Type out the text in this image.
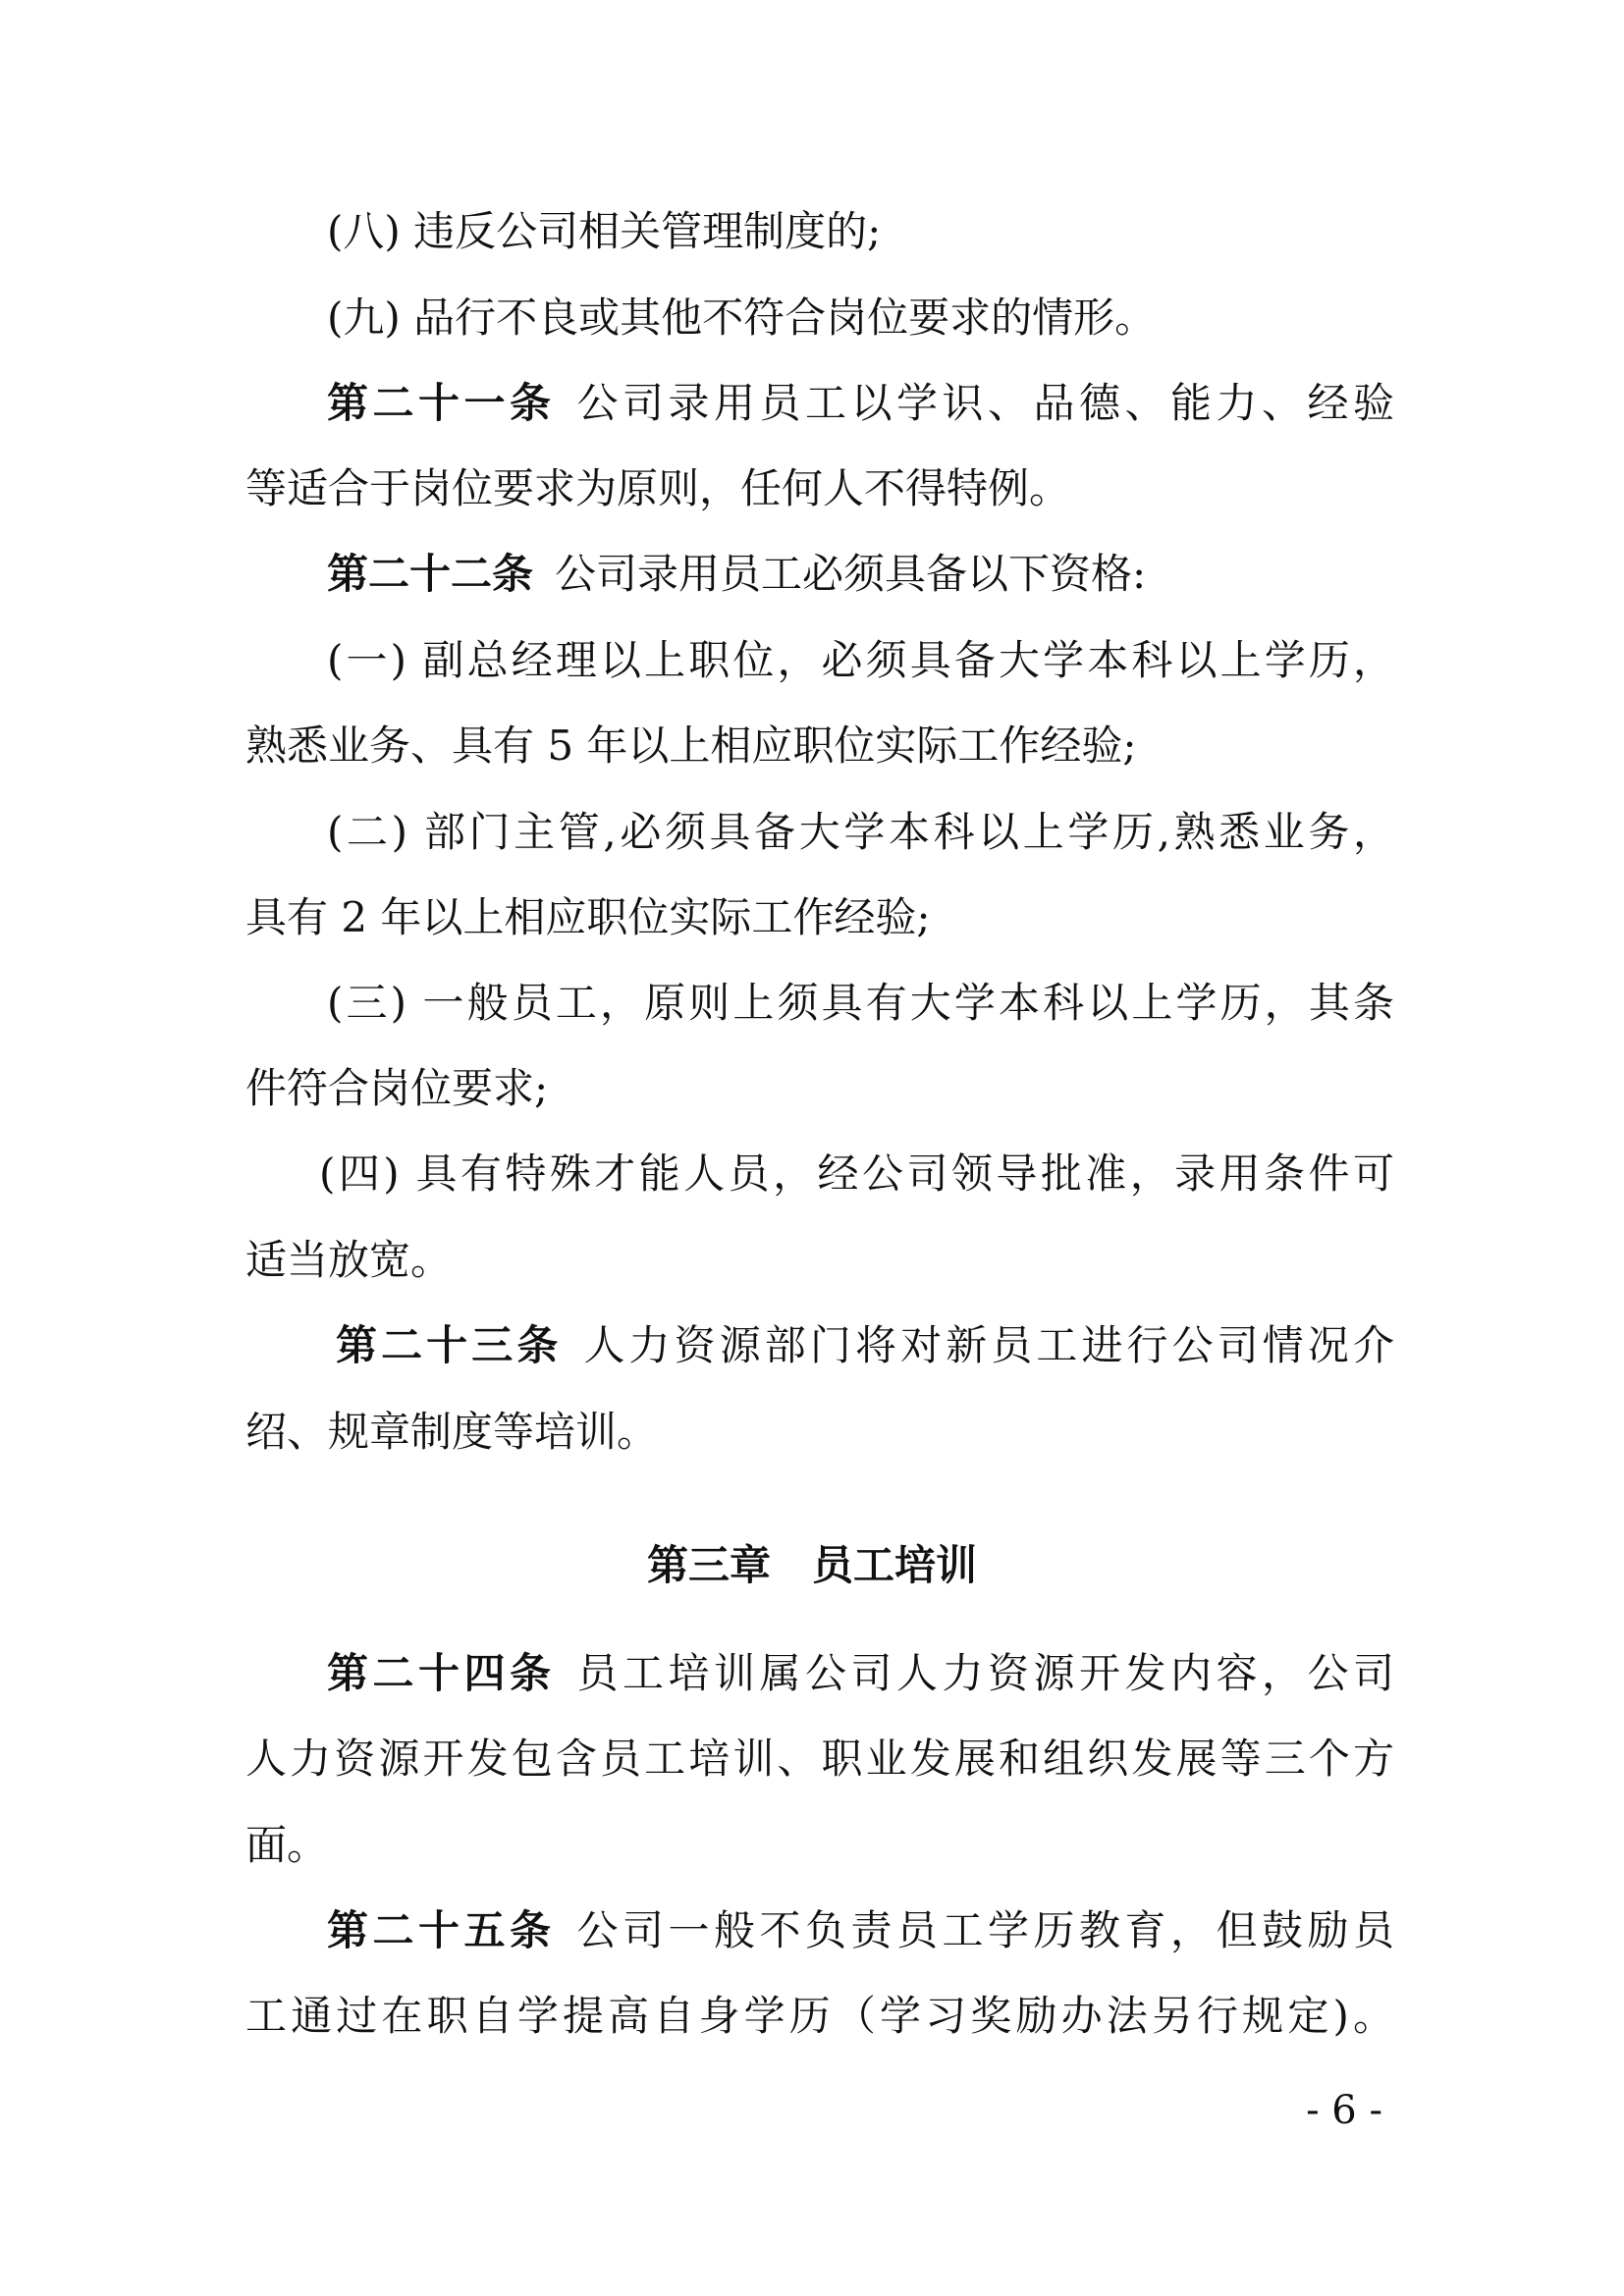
(八) 违反公司相关管理制度的;
(九) 品行不良或其他不符合岗位要求的情形。
第二十一条 公司录用员工以学识、品德、能力、经验
等适合于岗位要求为原则，任何人不得特例。
第二十二条 公司录用员工必须具备以下资格:
(一) 副总经理以上职位，必须具备大学本科以上学历，
熟悉业务、具有 5 年以上相应职位实际工作经验;
(二) 部门主管,必须具备大学本科以上学历,熟悉业务，
具有 2 年以上相应职位实际工作经验;
(三) 一般员工，原则上须具有大学本科以上学历，其条
件符合岗位要求;
(四) 具有特殊才能人员，经公司领导批准，录用条件可
适当放宽。
第二十三条 人力资源部门将对新员工进行公司情况介
绍、规章制度等培训。
第三章　员工培训
第二十四条 员工培训属公司人力资源开发内容，公司
人力资源开发包含员工培训、职业发展和组织发展等三个方
面。
第二十五条 公司一般不负责员工学历教育，但鼓励员
工通过在职自学提高自身学历（学习奖励办法另行规定)。
- 6 -
